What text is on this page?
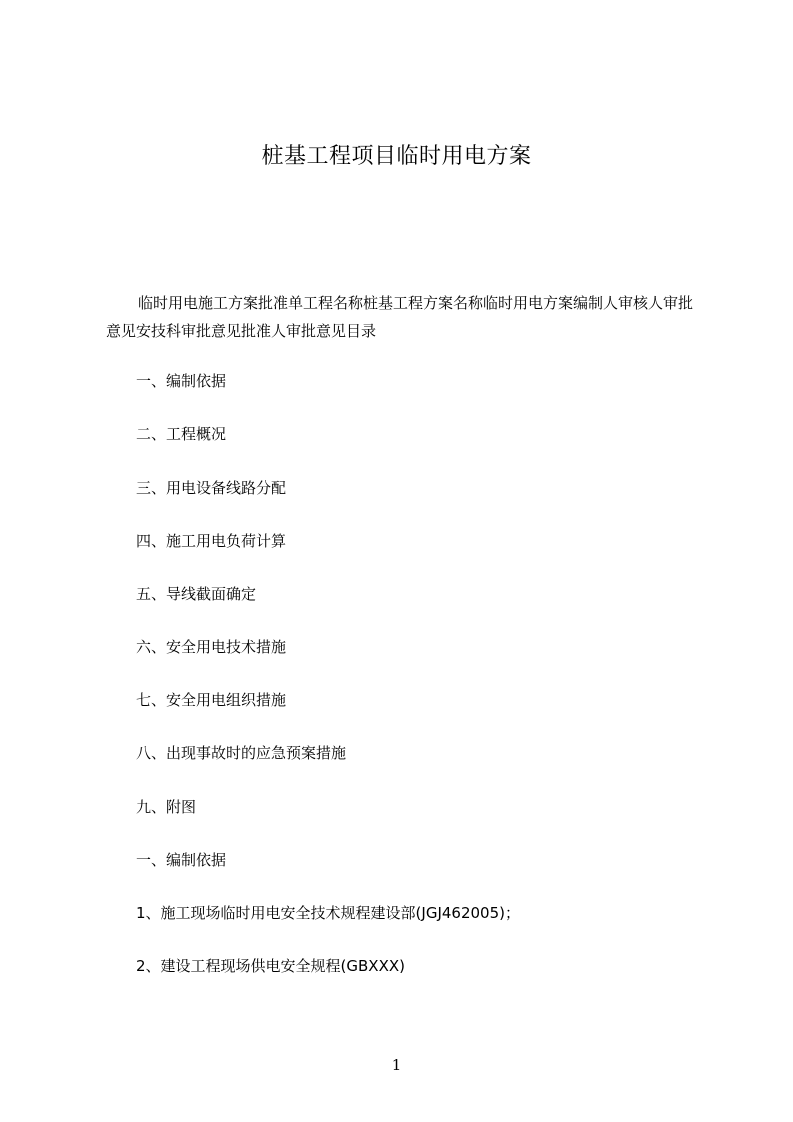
桩基工程项目临时用电方案

临时用电施工方案批准单工程名称桩基工程方案名称临时用电方案编制人审核人审批意见安技科审批意见批准人审批意见目录

一、编制依据

二、工程概况

三、用电设备线路分配

四、施工用电负荷计算

五、导线截面确定

六、安全用电技术措施

七、安全用电组织措施

八、出现事故时的应急预案措施

九、附图

一、编制依据

1、施工现场临时用电安全技术规程建设部(JGJ462005)；

2、建设工程现场供电安全规程(GBXXX)

1
